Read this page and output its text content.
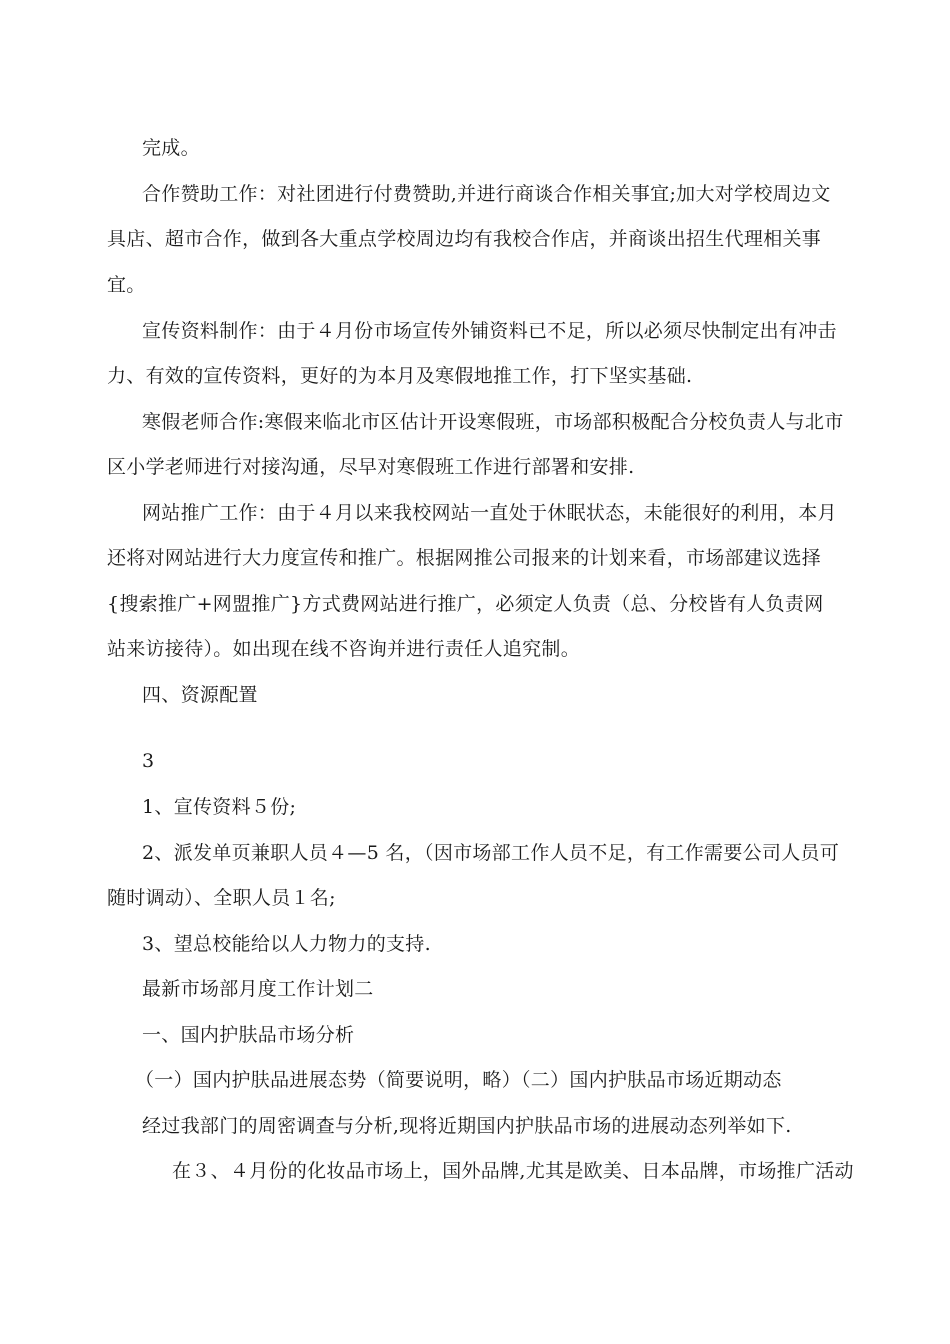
完成。
合作赞助工作：对社团进行付费赞助,并进行商谈合作相关事宜;加大对学校周边文
具店、超市合作，做到各大重点学校周边均有我校合作店，并商谈出招生代理相关事
宜。
宣传资料制作：由于４月份市场宣传外铺资料已不足，所以必须尽快制定出有冲击
力、有效的宣传资料，更好的为本月及寒假地推工作，打下坚实基础.
寒假老师合作:寒假来临北市区估计开设寒假班，市场部积极配合分校负责人与北市
区小学老师进行对接沟通，尽早对寒假班工作进行部署和安排.
网站推广工作：由于４月以来我校网站一直处于休眠状态，未能很好的利用，本月
还将对网站进行大力度宣传和推广。根据网推公司报来的计划来看，市场部建议选择
{搜索推广+网盟推广}方式费网站进行推广，必须定人负责（总、分校皆有人负责网
站来访接待）。如出现在线不咨询并进行责任人追究制。
四、资源配置
3
1、宣传资料５份;
2、派发单页兼职人员４—5 名，（因市场部工作人员不足，有工作需要公司人员可
随时调动）、全职人员１名;
3、望总校能给以人力物力的支持.
最新市场部月度工作计划二
一、国内护肤品市场分析
（一）国内护肤品进展态势（简要说明，略）（二）国内护肤品市场近期动态
经过我部门的周密调查与分析,现将近期国内护肤品市场的进展动态列举如下.
在３、４月份的化妆品市场上，国外品牌,尤其是欧美、日本品牌，市场推广活动
